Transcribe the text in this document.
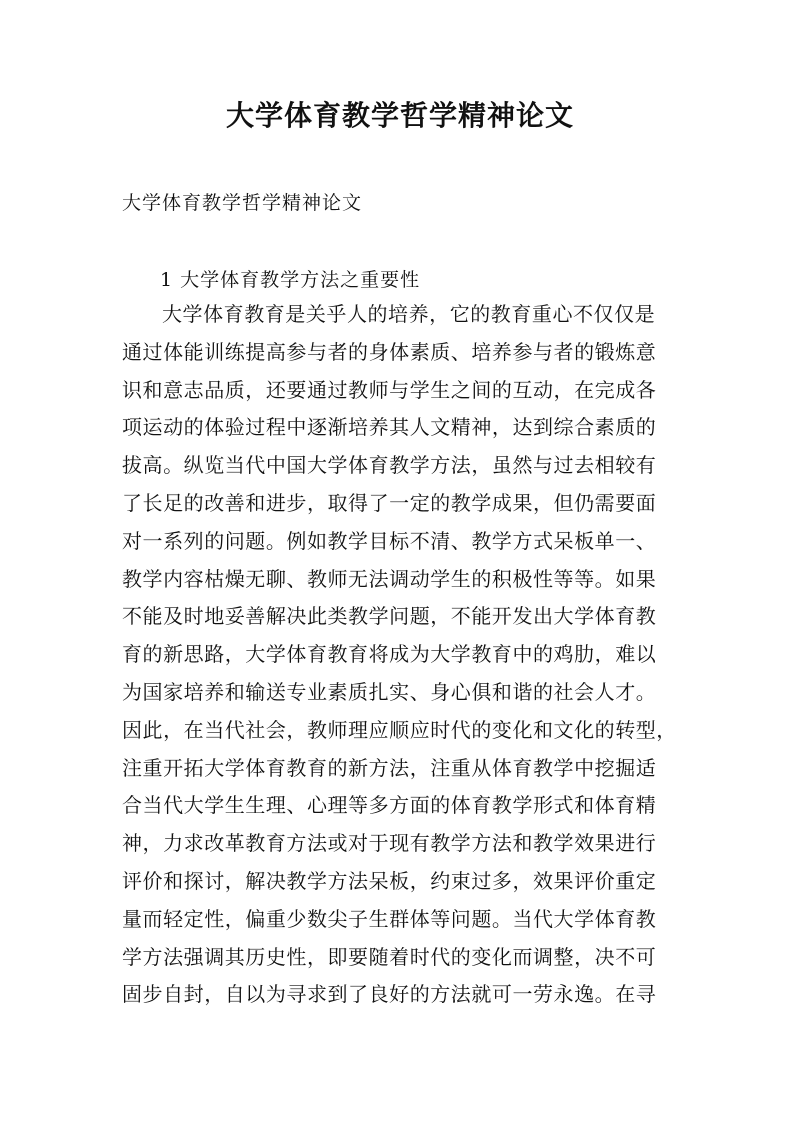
大学体育教学哲学精神论文
大学体育教学哲学精神论文
1 大学体育教学方法之重要性
大学体育教育是关乎人的培养，它的教育重心不仅仅是
通过体能训练提高参与者的身体素质、培养参与者的锻炼意
识和意志品质，还要通过教师与学生之间的互动，在完成各
项运动的体验过程中逐渐培养其人文精神，达到综合素质的
拔高。纵览当代中国大学体育教学方法，虽然与过去相较有
了长足的改善和进步，取得了一定的教学成果，但仍需要面
对一系列的问题。例如教学目标不清、教学方式呆板单一、
教学内容枯燥无聊、教师无法调动学生的积极性等等。如果
不能及时地妥善解决此类教学问题，不能开发出大学体育教
育的新思路，大学体育教育将成为大学教育中的鸡肋，难以
为国家培养和输送专业素质扎实、身心俱和谐的社会人才。
因此，在当代社会，教师理应顺应时代的变化和文化的转型，
注重开拓大学体育教育的新方法，注重从体育教学中挖掘适
合当代大学生生理、心理等多方面的体育教学形式和体育精
神，力求改革教育方法或对于现有教学方法和教学效果进行
评价和探讨，解决教学方法呆板，约束过多，效果评价重定
量而轻定性，偏重少数尖子生群体等问题。当代大学体育教
学方法强调其历史性，即要随着时代的变化而调整，决不可
固步自封，自以为寻求到了良好的方法就可一劳永逸。在寻
